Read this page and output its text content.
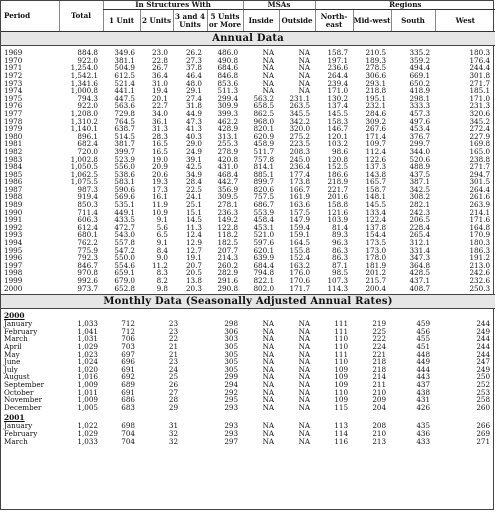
Period	Total	In Structures With				MSAs		Regions			
		1 Unit	2 Units	3 and 4 Units	5 Units or More	Inside	Outside	North-east	Mid-west	South	West
Annual Data											

1969	884.8	349.6	23.0	26.2	486.0	NA	NA	158.7	210.5	335.2	180.3
1970	922.0	381.1	22.8	27.3	490.8	NA	NA	197.1	189.3	359.2	176.4
1971	1,254.0	504.9	26.7	37.8	684.6	NA	NA	236.6	278.5	494.4	244.4
1972	1,542.1	612.5	36.4	46.4	846.8	NA	NA	264.4	306.6	669.1	301.8
1973	1,341.6	521.4	31.0	48.0	853.6	NA	NA	239.4	293.1	650.2	271.7
1974	1,000.8	441.1	19.4	29.1	511.3	NA	NA	171.0	218.8	418.9	185.1
1975	794.3	447.5	20.1	27.4	299.4	563.2	231.1	130.2	195.1	298.1	171.0
1976	922.0	563.6	22.7	31.8	309.9	658.5	263.5	137.4	232.1	333.3	231.3
1977	1,208.0	729.8	34.0	44.9	399.3	862.5	345.5	145.5	284.6	457.3	320.6
1978	1,310.2	764.5	36.1	47.3	462.2	968.0	342.2	158.3	309.2	497.6	345.2
1979	1,140.1	638.7	31.3	41.3	428.9	820.1	320.0	146.7	267.6	453.4	272.4
1980	896.1	514.5	28.3	40.3	313.1	620.9	275.2	120.1	171.4	376.7	227.9
1981	682.4	381.7	16.5	29.0	255.3	458.9	223.5	103.2	109.7	299.7	169.8
1982	720.0	399.7	16.5	24.9	278.9	511.7	208.3	98.6	112.4	344.0	165.0
1983	1,002.8	523.9	19.0	39.1	420.8	757.8	245.0	120.8	122.6	520.6	238.8
1984	1,050.5	556.0	20.9	42.5	431.0	814.1	236.4	152.5	137.3	488.9	271.7
1985	1,062.5	538.6	20.6	34.9	468.4	885.1	177.4	186.6	143.8	437.5	294.7
1986	1,075.5	583.1	19.3	28.4	442.7	899.7	173.8	218.9	165.7	387.1	301.5
1987	987.3	590.6	17.3	22.5	356.9	820.6	166.7	221.7	158.7	342.5	264.4
1988	919.4	569.6	16.1	24.1	309.5	757.5	161.9	201.6	148.1	308.2	261.6
1989	850.3	535.1	11.9	25.1	278.1	686.7	163.6	158.8	145.5	282.1	263.9
1990	711.4	449.1	10.9	15.1	236.3	553.9	157.5	121.6	133.4	242.3	214.1
1991	606.3	433.5	9.1	14.5	149.2	458.4	147.9	103.9	122.4	206.5	171.6
1992	612.4	472.7	5.6	11.3	122.8	453.1	159.4	81.4	137.8	228.4	164.8
1993	680.1	543.0	6.5	12.4	118.2	521.0	159.1	89.3	154.4	265.4	170.9
1994	762.2	557.8	9.1	12.9	182.5	597.6	164.5	96.3	173.5	312.1	180.3
1995	775.9	547.2	8.4	12.7	207.7	620.1	155.8	86.3	173.0	331.4	186.3
1996	792.3	550.0	9.0	19.1	214.3	639.9	152.4	86.3	178.0	347.3	191.2
1997	846.7	554.6	11.2	20.7	260.2	684.4	163.2	87.1	181.9	364.8	213.0
1998	970.8	659.1	8.3	20.5	282.9	794.8	176.0	98.5	201.2	428.5	242.6
1999	992.6	679.0	8.2	13.8	291.6	822.1	170.6	107.3	215.7	437.1	232.6
2000	973.7	652.8	9.8	20.3	290.8	802.0	171.7	114.3	200.4	408.7	250.3

Monthly Data (Seasonally Adjusted Annual Rates)											
2000											
January	1,033	712	23		298	NA	NA	111	219	459	244
February	1,041	712	23		306	NA	NA	111	225	456	249
March	1,031	706	22		303	NA	NA	110	222	455	244
April	1,029	703	21		305	NA	NA	110	224	451	244
May	1,023	697	21		305	NA	NA	111	221	448	244
June	1,024	696	23		305	NA	NA	110	218	449	247
July	1,020	691	24		305	NA	NA	109	218	444	249
August	1,016	692	25		299	NA	NA	109	214	443	250
September	1,009	689	26		294	NA	NA	109	211	437	252
October	1,011	691	27		292	NA	NA	110	210	438	253
November	1,009	686	28		295	NA	NA	109	209	431	258
December	1,005	683	29		293	NA	NA	115	204	426	260
2001											
January	1,022	698	31		293	NA	NA	113	208	435	266
February	1,029	704	32		293	NA	NA	114	210	436	269
March	1,033	704	32		297	NA	NA	116	213	433	271
